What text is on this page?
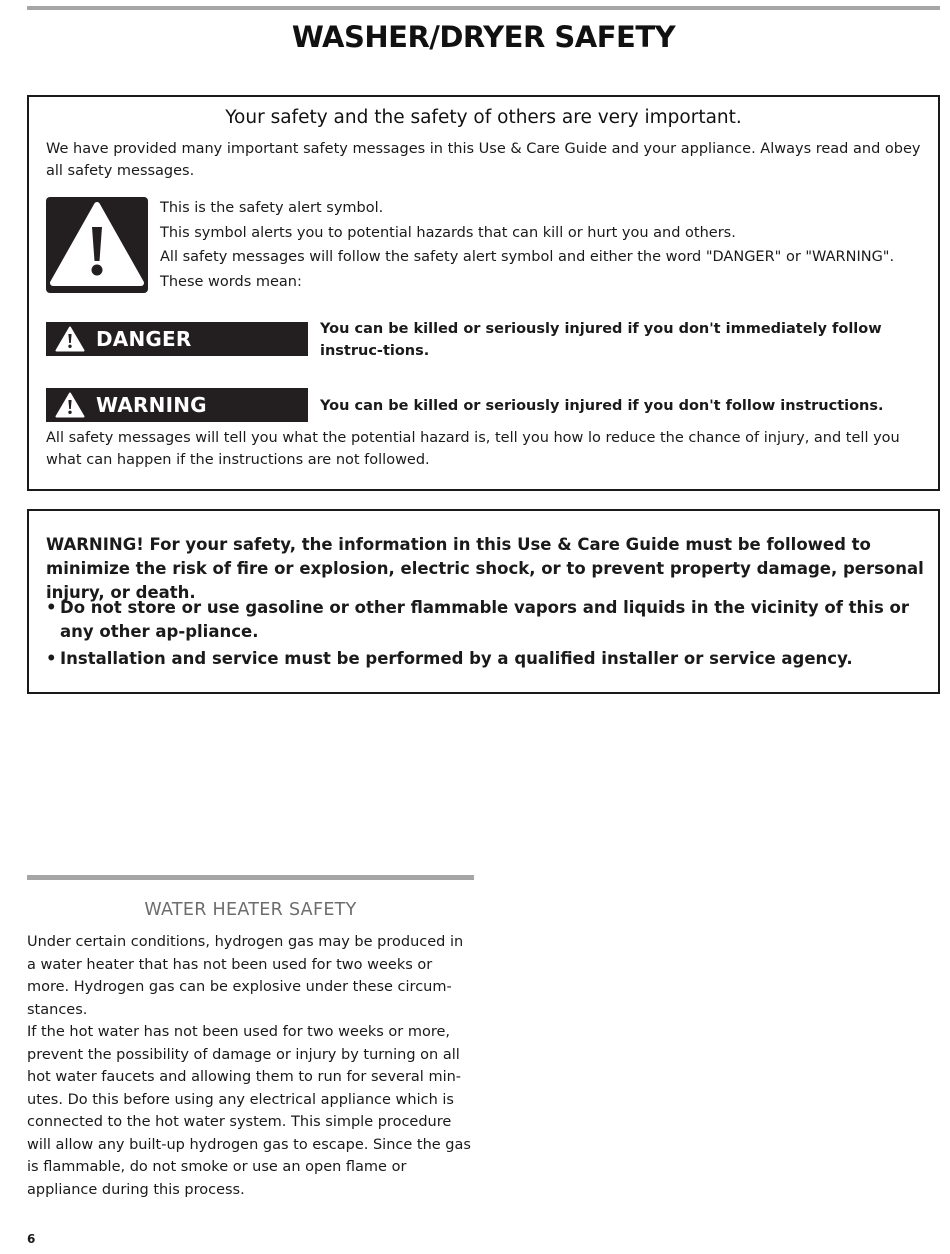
WASHER/DRYER SAFETY
Your safety and the safety of others are very important.
We have provided many important safety messages in this Use & Care Guide and your appliance. Always read and obey all safety messages.
This is the safety alert symbol.
This symbol alerts you to potential hazards that can kill or hurt you and others.
All safety messages will follow the safety alert symbol and either the word "DANGER" or "WARNING".
These words mean:
DANGER	You can be killed or seriously injured if you don't immediately follow instruc-tions.
WARNING	You can be killed or seriously injured if you don't follow instructions.
All safety messages will tell you what the potential hazard is, tell you how lo reduce the chance of injury, and tell you what can happen if the instructions are not followed.
WARNING! For your safety, the information in this Use & Care Guide must be followed to minimize the risk of fire or explosion, electric shock, or to prevent property damage, personal injury, or death.
• Do not store or use gasoline or other flammable vapors and liquids in the vicinity of this or any other ap-pliance.
• Installation and service must be performed by a qualified installer or service agency.
WATER HEATER SAFETY

Under certain conditions, hydrogen gas may be produced in a water heater that has not been used for two weeks or more. Hydrogen gas can be explosive under these circum-stances.

If the hot water has not been used for two weeks or more, prevent the possibility of damage or injury by turning on all hot water faucets and allowing them to run for several min-utes. Do this before using any electrical appliance which is connected to the hot water system. This simple procedure will allow any built-up hydrogen gas to escape. Since the gas is flammable, do not smoke or use an open flame or appliance during this process.

6
